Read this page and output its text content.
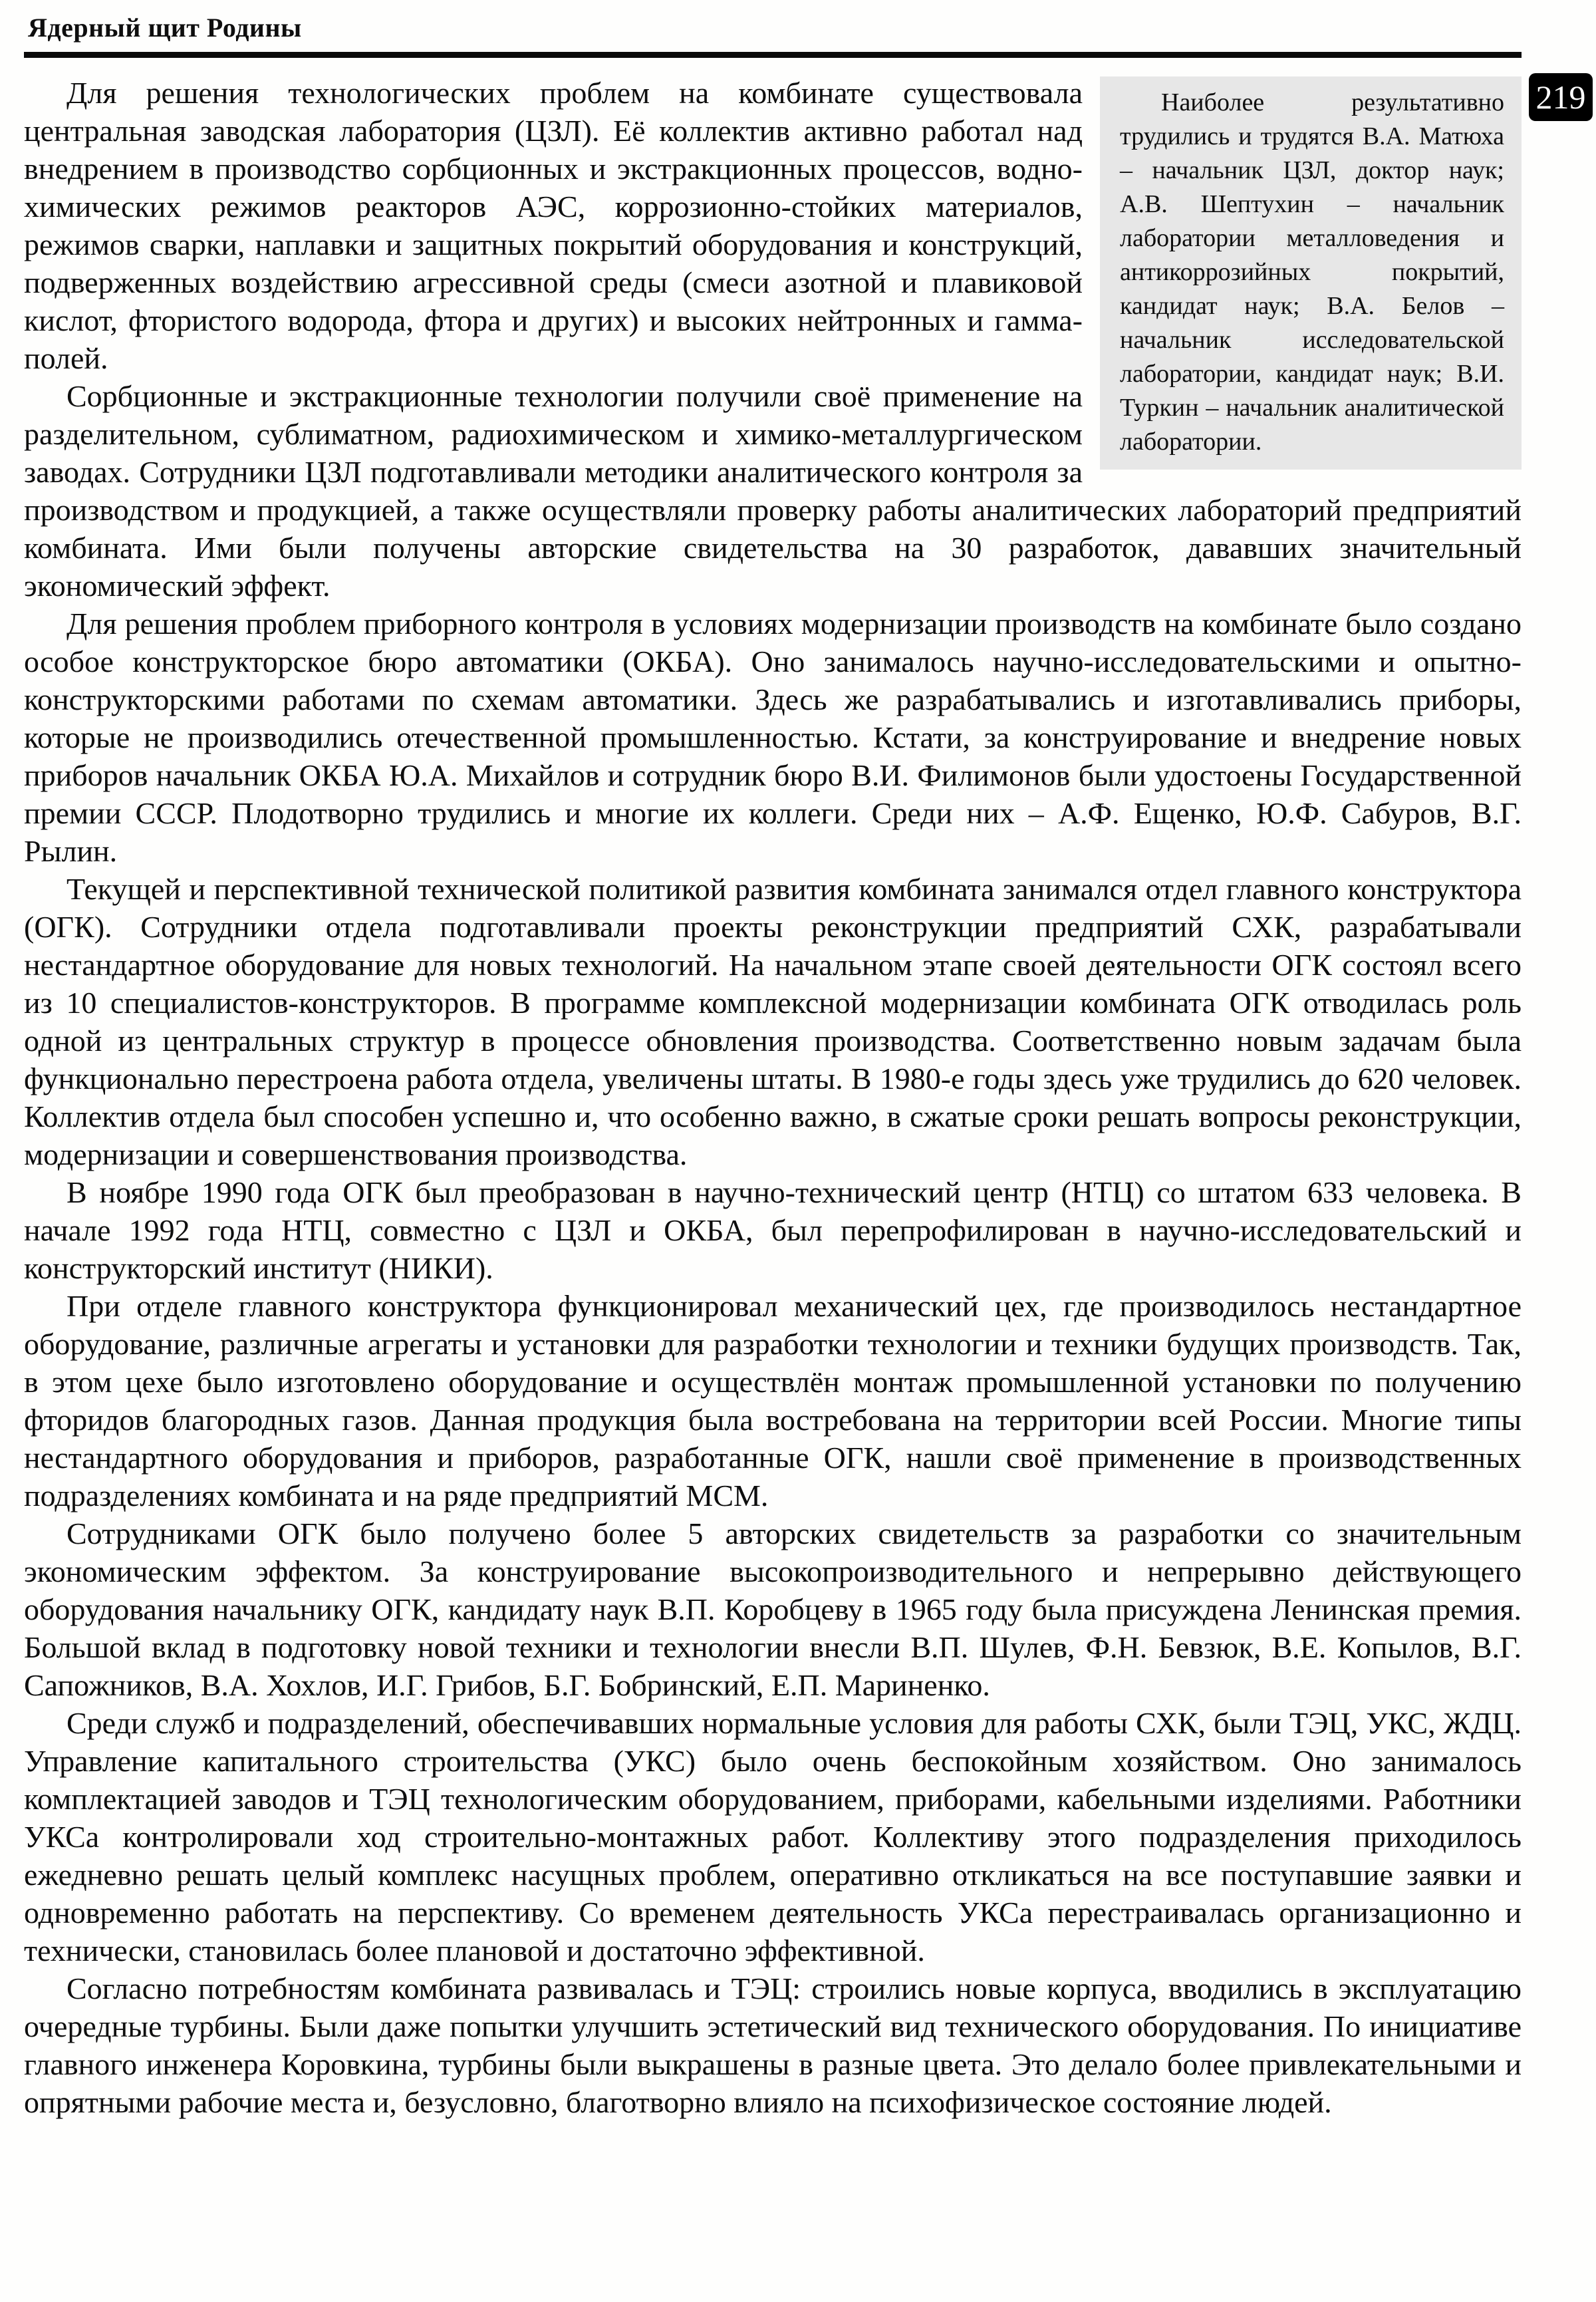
Ядерный щит Родины
219
Наиболее результативно трудились и трудятся В.А. Матюха – начальник ЦЗЛ, доктор наук; А.В. Шептухин – начальник лаборатории металловедения и антикоррозийных покрытий, кандидат наук; В.А. Белов – начальник исследовательской лаборатории, кандидат наук; В.И. Туркин – начальник аналитической лаборатории.

Для решения технологических проблем на комбинате существовала центральная заводская лаборатория (ЦЗЛ). Её коллектив активно работал над внедрением в производство сорбционных и экстракционных процессов, водно-химических режимов реакторов АЭС, коррозионно-стойких материалов, режимов сварки, наплавки и защитных покрытий оборудования и конструкций, подверженных воздействию агрессивной среды (смеси азотной и плавиковой кислот, фтористого водорода, фтора и других) и высоких нейтронных и гамма-полей.

Сорбционные и экстракционные технологии получили своё применение на разделительном, сублиматном, радиохимическом и химико-металлургическом заводах. Сотрудники ЦЗЛ подготавливали методики аналитического контроля за производством и продукцией, а также осуществляли проверку работы аналитических лабораторий предприятий комбината. Ими были получены авторские свидетельства на 30 разработок, дававших значительный экономический эффект.

Для решения проблем приборного контроля в условиях модернизации производств на комбинате было создано особое конструкторское бюро автоматики (ОКБА). Оно занималось научно-исследовательскими и опытно-конструкторскими работами по схемам автоматики. Здесь же разрабатывались и изготавливались приборы, которые не производились отечественной промышленностью. Кстати, за конструирование и внедрение новых приборов начальник ОКБА Ю.А. Михайлов и сотрудник бюро В.И. Филимонов были удостоены Государственной премии СССР. Плодотворно трудились и многие их коллеги. Среди них – А.Ф. Ещенко, Ю.Ф. Сабуров, В.Г. Рылин.

Текущей и перспективной технической политикой развития комбината занимался отдел главного конструктора (ОГК). Сотрудники отдела подготавливали проекты реконструкции предприятий СХК, разрабатывали нестандартное оборудование для новых технологий. На начальном этапе своей деятельности ОГК состоял всего из 10 специалистов-конструкторов. В программе комплексной модернизации комбината ОГК отводилась роль одной из центральных структур в процессе обновления производства. Соответственно новым задачам была функционально перестроена работа отдела, увеличены штаты. В 1980-е годы здесь уже трудились до 620 человек. Коллектив отдела был способен успешно и, что особенно важно, в сжатые сроки решать вопросы реконструкции, модернизации и совершенствования производства.

В ноябре 1990 года ОГК был преобразован в научно-технический центр (НТЦ) со штатом 633 человека. В начале 1992 года НТЦ, совместно с ЦЗЛ и ОКБА, был перепрофилирован в научно-исследовательский и конструкторский институт (НИКИ).

При отделе главного конструктора функционировал механический цех, где производилось нестандартное оборудование, различные агрегаты и установки для разработки технологии и техники будущих производств. Так, в этом цехе было изготовлено оборудование и осуществлён монтаж промышленной установки по получению фторидов благородных газов. Данная продукция была востребована на территории всей России. Многие типы нестандартного оборудования и приборов, разработанные ОГК, нашли своё применение в производственных подразделениях комбината и на ряде предприятий МСМ.

Сотрудниками ОГК было получено более 5 авторских свидетельств за разработки со значительным экономическим эффектом. За конструирование высокопроизводительного и непрерывно действующего оборудования начальнику ОГК, кандидату наук В.П. Коробцеву в 1965 году была присуждена Ленинская премия. Большой вклад в подготовку новой техники и технологии внесли В.П. Шулев, Ф.Н. Бевзюк, В.Е. Копылов, В.Г. Сапожников, В.А. Хохлов, И.Г. Грибов, Б.Г. Бобринский, Е.П. Мариненко.

Среди служб и подразделений, обеспечивавших нормальные условия для работы СХК, были ТЭЦ, УКС, ЖДЦ. Управление капитального строительства (УКС) было очень беспокойным хозяйством. Оно занималось комплектацией заводов и ТЭЦ технологическим оборудованием, приборами, кабельными изделиями. Работники УКСа контролировали ход строительно-монтажных работ. Коллективу этого подразделения приходилось ежедневно решать целый комплекс насущных проблем, оперативно откликаться на все поступавшие заявки и одновременно работать на перспективу. Со временем деятельность УКСа перестраивалась организационно и технически, становилась более плановой и достаточно эффективной.

Согласно потребностям комбината развивалась и ТЭЦ: строились новые корпуса, вводились в эксплуатацию очередные турбины. Были даже попытки улучшить эстетический вид технического оборудования. По инициативе главного инженера Коровкина, турбины были выкрашены в разные цвета. Это делало более привлекательными и опрятными рабочие места и, безусловно, благотворно влияло на психофизическое состояние людей.
